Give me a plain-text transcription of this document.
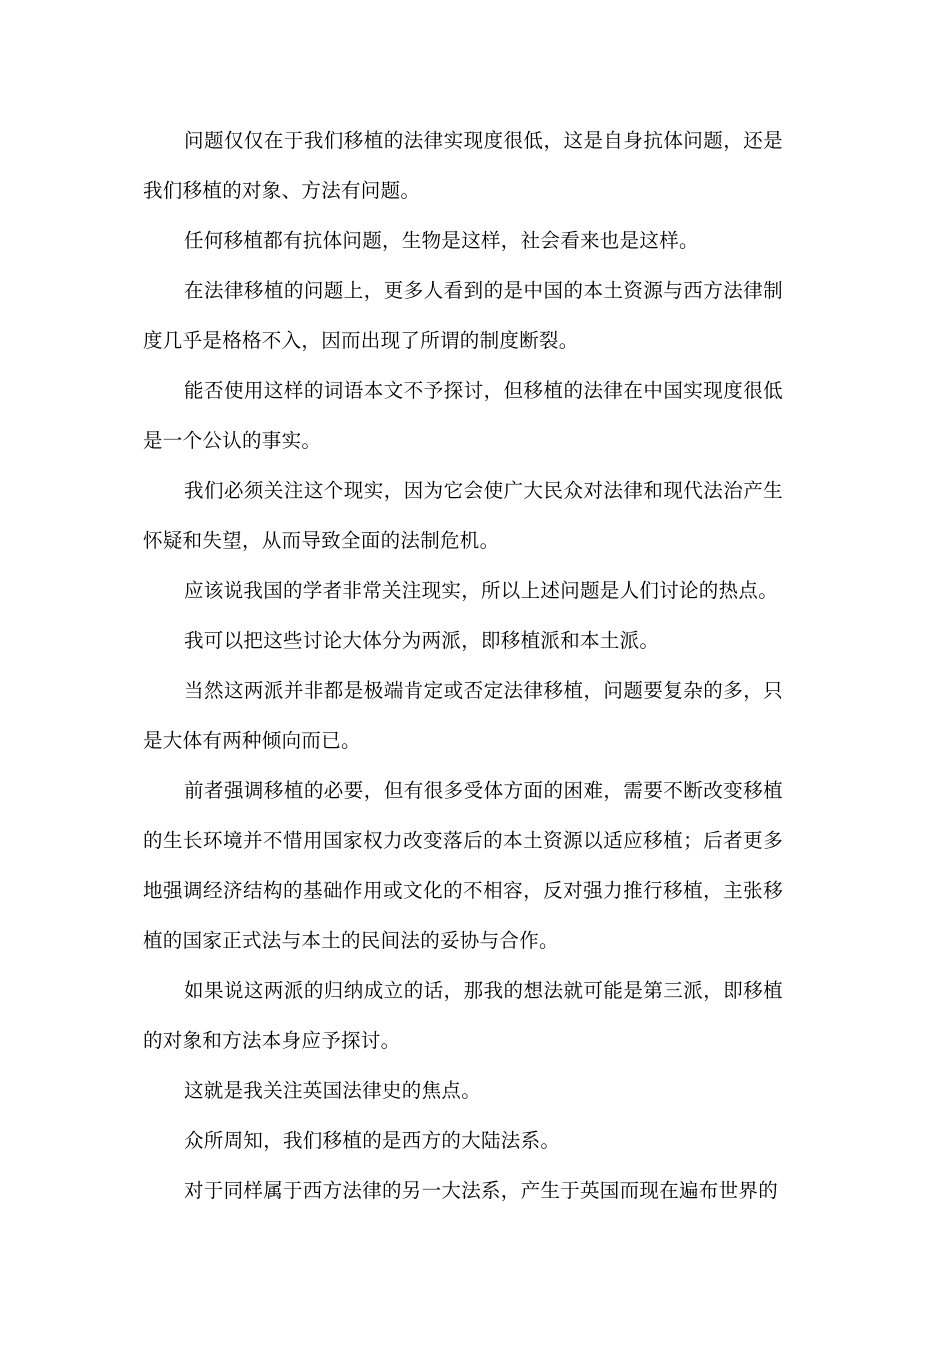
问题仅仅在于我们移植的法律实现度很低，这是自身抗体问题，还是我们移植的对象、方法有问题。

任何移植都有抗体问题，生物是这样，社会看来也是这样。

在法律移植的问题上，更多人看到的是中国的本土资源与西方法律制度几乎是格格不入，因而出现了所谓的制度断裂。

能否使用这样的词语本文不予探讨，但移植的法律在中国实现度很低是一个公认的事实。

我们必须关注这个现实，因为它会使广大民众对法律和现代法治产生怀疑和失望，从而导致全面的法制危机。

应该说我国的学者非常关注现实，所以上述问题是人们讨论的热点。

我可以把这些讨论大体分为两派，即移植派和本土派。

当然这两派并非都是极端肯定或否定法律移植，问题要复杂的多，只是大体有两种倾向而已。

前者强调移植的必要，但有很多受体方面的困难，需要不断改变移植的生长环境并不惜用国家权力改变落后的本土资源以适应移植；后者更多地强调经济结构的基础作用或文化的不相容，反对强力推行移植，主张移植的国家正式法与本土的民间法的妥协与合作。

如果说这两派的归纳成立的话，那我的想法就可能是第三派，即移植的对象和方法本身应予探讨。

这就是我关注英国法律史的焦点。

众所周知，我们移植的是西方的大陆法系。

对于同样属于西方法律的另一大法系，产生于英国而现在遍布世界的
